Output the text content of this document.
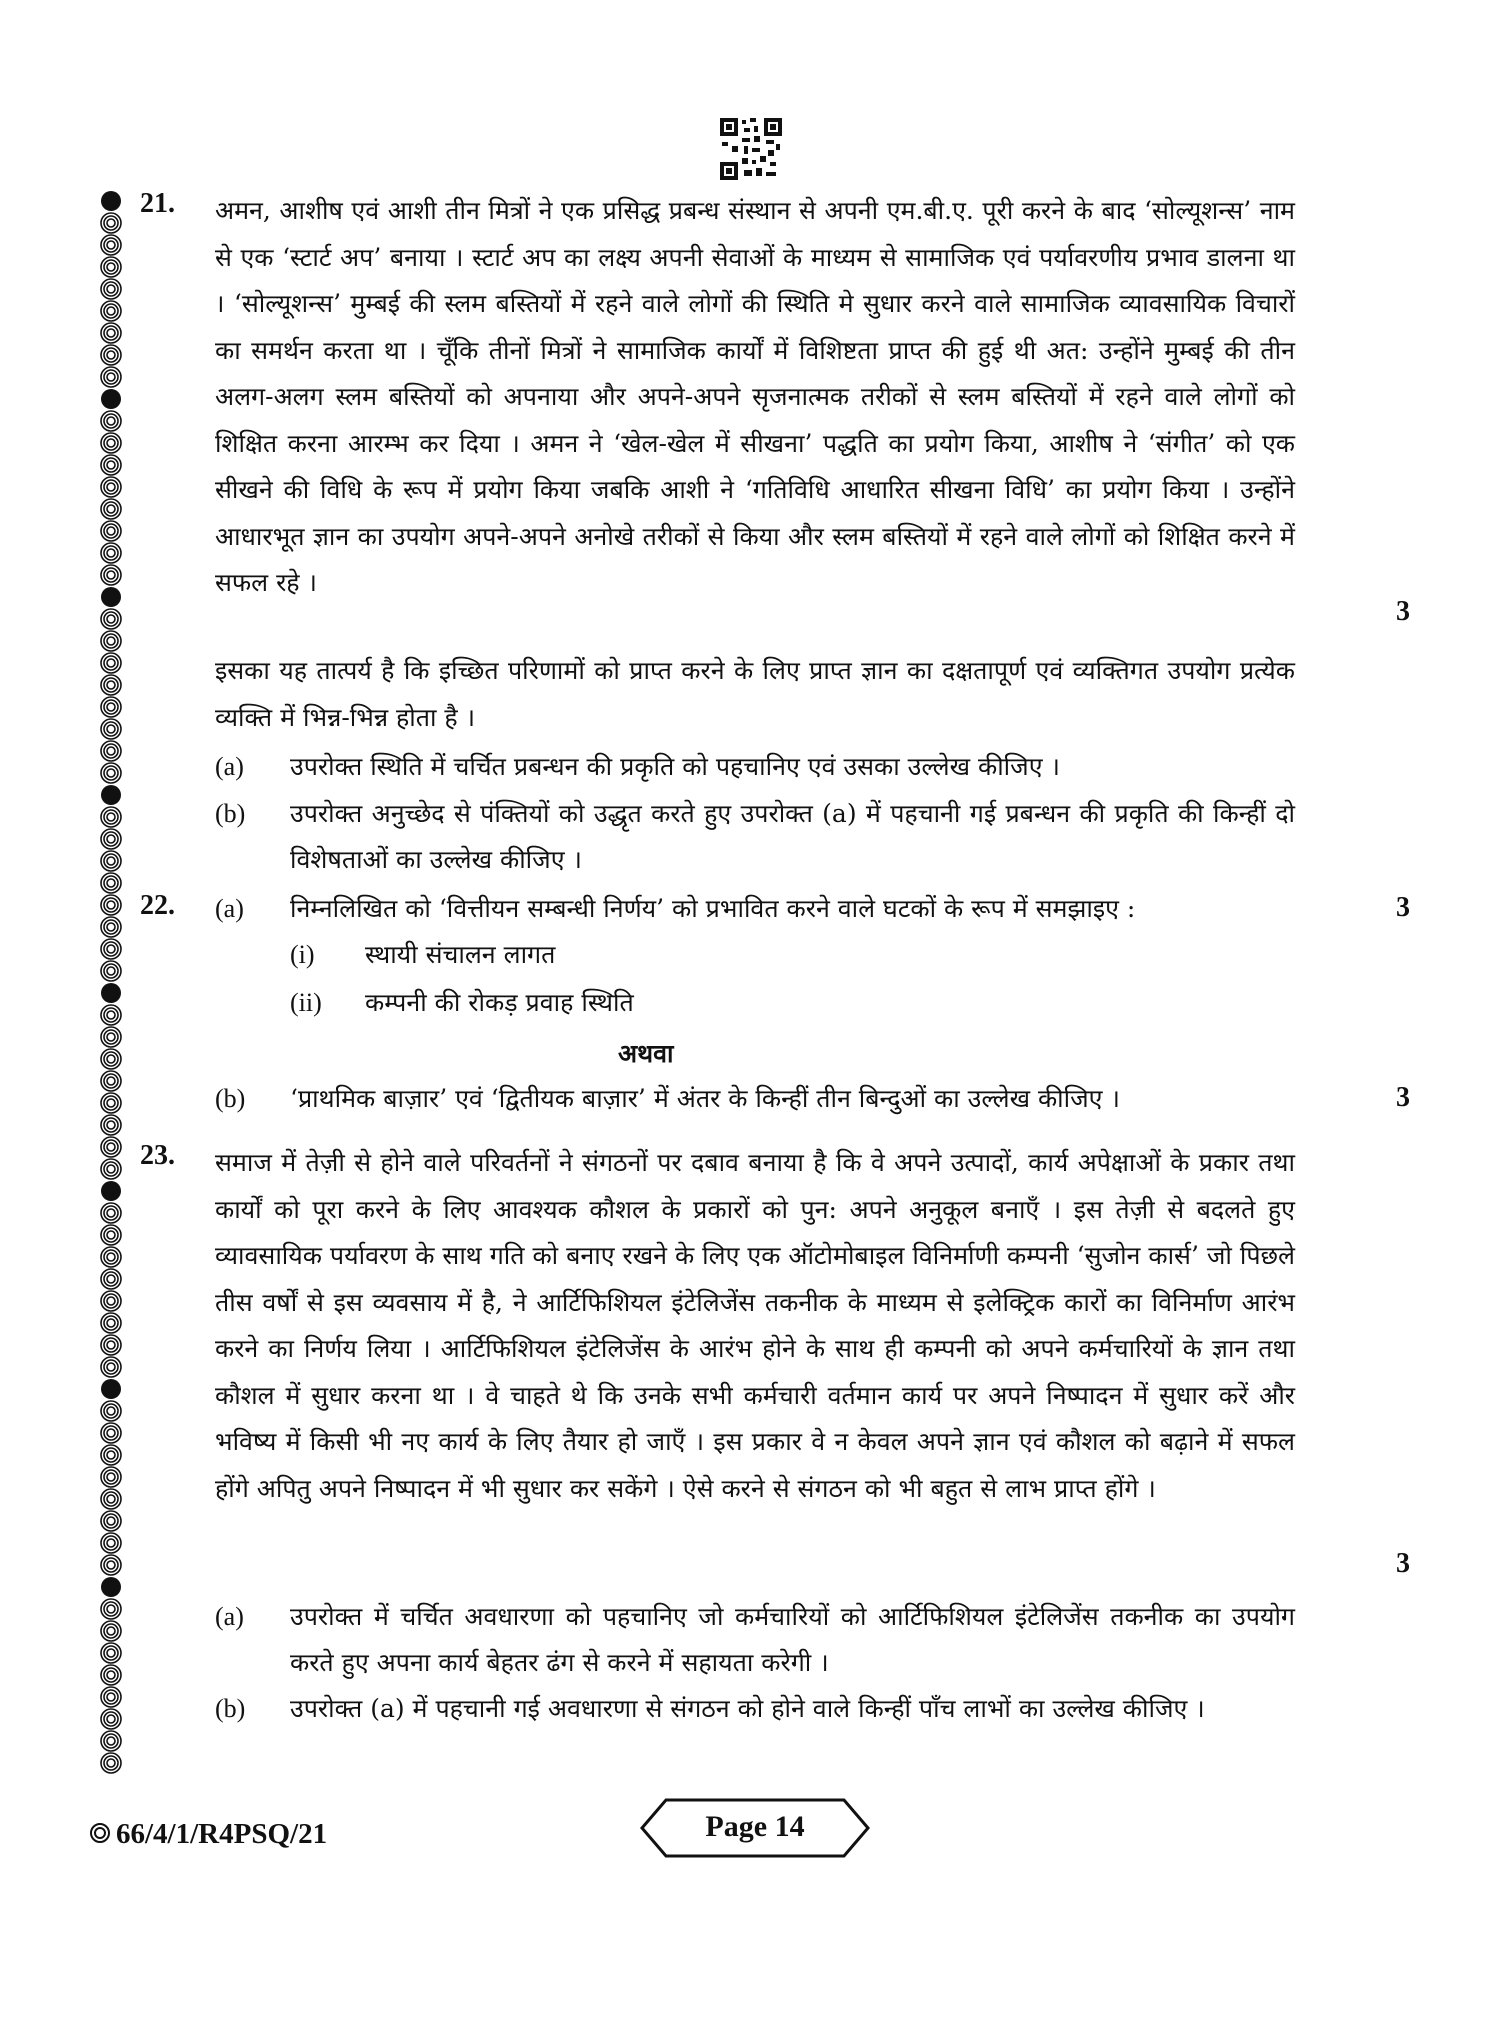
21.	अमन, आशीष एवं आशी तीन मित्रों ने एक प्रसिद्ध प्रबन्ध संस्थान से अपनी एम.बी.ए. पूरी करने के बाद ‘सोल्यूशन्स’ नाम से एक ‘स्टार्ट अप’ बनाया । स्टार्ट अप का लक्ष्य अपनी सेवाओं के माध्यम से सामाजिक एवं पर्यावरणीय प्रभाव डालना था । ‘सोल्यूशन्स’ मुम्बई की स्लम बस्तियों में रहने वाले लोगों की स्थिति मे सुधार करने वाले सामाजिक व्यावसायिक विचारों का समर्थन करता था । चूँकि तीनों मित्रों ने सामाजिक कार्यों में विशिष्टता प्राप्त की हुई थी अत: उन्होंने मुम्बई की तीन अलग-अलग स्लम बस्तियों को अपनाया और अपने-अपने सृजनात्मक तरीकों से स्लम बस्तियों में रहने वाले लोगों को शिक्षित करना आरम्भ कर दिया । अमन ने ‘खेल-खेल में सीखना’ पद्धति का प्रयोग किया, आशीष ने ‘संगीत’ को एक सीखने की विधि के रूप में प्रयोग किया जबकि आशी ने ‘गतिविधि आधारित सीखना विधि’ का प्रयोग किया । उन्होंने आधारभूत ज्ञान का उपयोग अपने-अपने अनोखे तरीकों से किया और स्लम बस्तियों में रहने वाले लोगों को शिक्षित करने में सफल रहे ।
3
इसका यह तात्पर्य है कि इच्छित परिणामों को प्राप्त करने के लिए प्राप्त ज्ञान का दक्षतापूर्ण एवं व्यक्तिगत उपयोग प्रत्येक व्यक्ति में भिन्न-भिन्न होता है ।
(a)	उपरोक्त स्थिति में चर्चित प्रबन्धन की प्रकृति को पहचानिए एवं उसका उल्लेख कीजिए ।
(b)	उपरोक्त अनुच्छेद से पंक्तियों को उद्धृत करते हुए उपरोक्त (a) में पहचानी गई प्रबन्धन की प्रकृति की किन्हीं दो विशेषताओं का उल्लेख कीजिए ।
22.	(a)	निम्नलिखित को ‘वित्तीयन सम्बन्धी निर्णय’ को प्रभावित करने वाले घटकों के रूप में समझाइए :	3
(i)	स्थायी संचालन लागत
(ii)	कम्पनी की रोकड़ प्रवाह स्थिति
अथवा
(b)	‘प्राथमिक बाज़ार’ एवं ‘द्वितीयक बाज़ार’ में अंतर के किन्हीं तीन बिन्दुओं का उल्लेख कीजिए ।	3
23.	समाज में तेज़ी से होने वाले परिवर्तनों ने संगठनों पर दबाव बनाया है कि वे अपने उत्पादों, कार्य अपेक्षाओं के प्रकार तथा कार्यों को पूरा करने के लिए आवश्यक कौशल के प्रकारों को पुन: अपने अनुकूल बनाएँ । इस तेज़ी से बदलते हुए व्यावसायिक पर्यावरण के साथ गति को बनाए रखने के लिए एक ऑटोमोबाइल विनिर्माणी कम्पनी ‘सुजोन कार्स’ जो पिछले तीस वर्षों से इस व्यवसाय में है, ने आर्टिफिशियल इंटेलिजेंस तकनीक के माध्यम से इलेक्ट्रिक कारों का विनिर्माण आरंभ करने का निर्णय लिया । आर्टिफिशियल इंटेलिजेंस के आरंभ होने के साथ ही कम्पनी को अपने कर्मचारियों के ज्ञान तथा कौशल में सुधार करना था । वे चाहते थे कि उनके सभी कर्मचारी वर्तमान कार्य पर अपने निष्पादन में सुधार करें और भविष्य में किसी भी नए कार्य के लिए तैयार हो जाएँ । इस प्रकार वे न केवल अपने ज्ञान एवं कौशल को बढ़ाने में सफल होंगे अपितु अपने निष्पादन में भी सुधार कर सकेंगे । ऐसे करने से संगठन को भी बहुत से लाभ प्राप्त होंगे ।
3
(a)	उपरोक्त में चर्चित अवधारणा को पहचानिए जो कर्मचारियों को आर्टिफिशियल इंटेलिजेंस तकनीक का उपयोग करते हुए अपना कार्य बेहतर ढंग से करने में सहायता करेगी ।
(b)	उपरोक्त (a) में पहचानी गई अवधारणा से संगठन को होने वाले किन्हीं पाँच लाभों का उल्लेख कीजिए ।
66/4/1/R4PSQ/21	Page 14
